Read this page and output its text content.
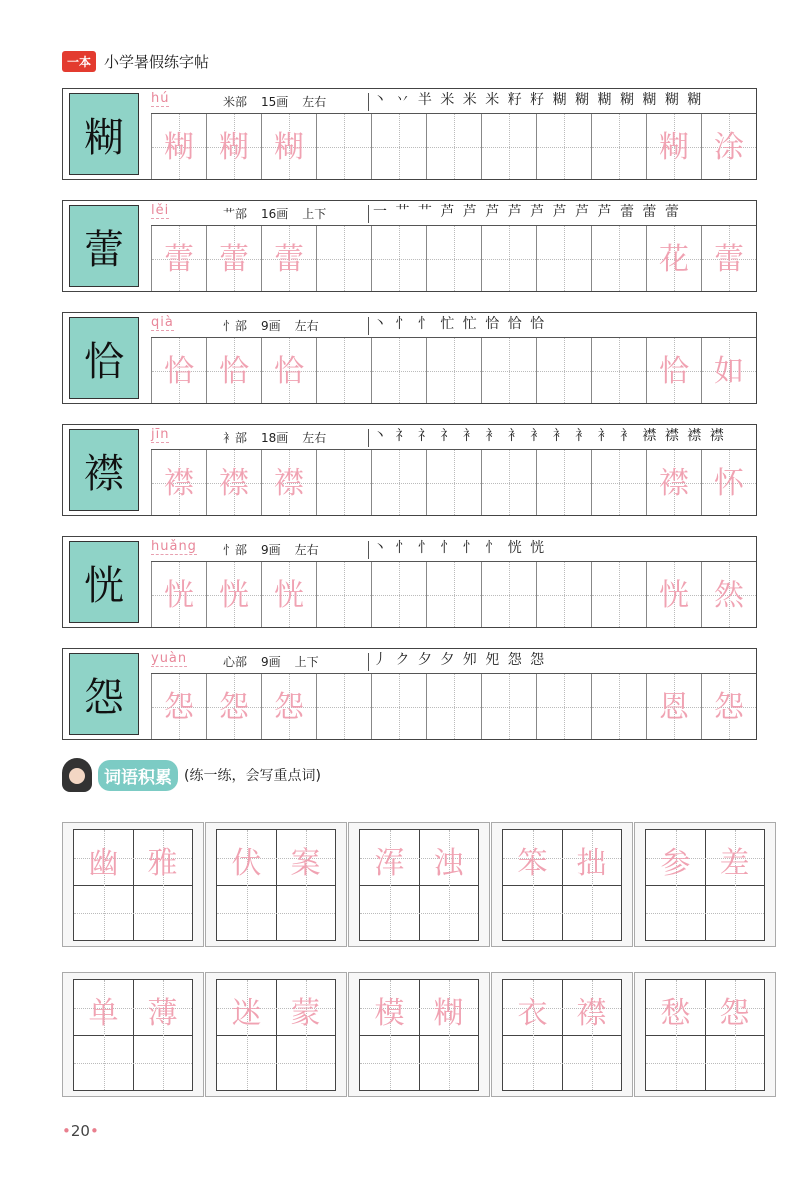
一本 小学暑假练字帖
糊
hú	米部 15画 左右	丶 丷 半 米 米 米 籽 籽 糊 糊 糊 糊 糊 糊 糊
糊 糊 糊	糊 涂
蕾
lěi	艹部 16画 上下	一 艹 艹 芦 芦 芦 芦 芦 芦 芦 芦 蕾 蕾 蕾
蕾 蕾 蕾	花 蕾
恰
qià	忄部 9画 左右	丶 忄 忄 忙 忙 恰 恰 恰
恰 恰 恰	恰 如
襟
jīn	衤部 18画 左右	丶 礻 礻 礻 衤 衤 衤 衤 衤 衤 衤 衤 襟 襟 襟 襟
襟 襟 襟	襟 怀
恍
huǎng 忄部 9画 左右	丶 忄 忄 忄 忄 忄 恍 恍
恍 恍 恍	恍 然
怨
yuàn	心部 9画 上下	丿 ク 夕 夕 夘 夗 怨 怨
怨 怨 怨	恩 怨
词语积累 (练一练，会写重点词)
幽 雅 伏 案 浑 浊 笨 拙 参 差
单 薄 迷 蒙 模 糊 衣 襟 愁 怨
•20•
